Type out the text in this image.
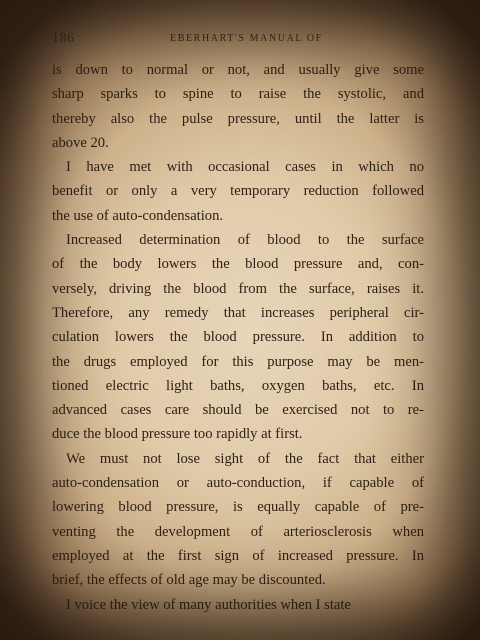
186	EBERHART'S MANUAL OF
is down to normal or not, and usually give some
sharp sparks to spine to raise the systolic, and
thereby also the pulse pressure, until the latter is
above 20.
I have met with occasional cases in which no
benefit or only a very temporary reduction followed
the use of auto-condensation.
Increased determination of blood to the surface
of the body lowers the blood pressure and, con-
versely, driving the blood from the surface, raises it.
Therefore, any remedy that increases peripheral cir-
culation lowers the blood pressure. In addition to
the drugs employed for this purpose may be men-
tioned electric light baths, oxygen baths, etc. In
advanced cases care should be exercised not to re-
duce the blood pressure too rapidly at first.
We must not lose sight of the fact that either
auto-condensation or auto-conduction, if capable of
lowering blood pressure, is equally capable of pre-
venting the development of arteriosclerosis when
employed at the first sign of increased pressure. In
brief, the effects of old age may be discounted.
I voice the view of many authorities when I state
